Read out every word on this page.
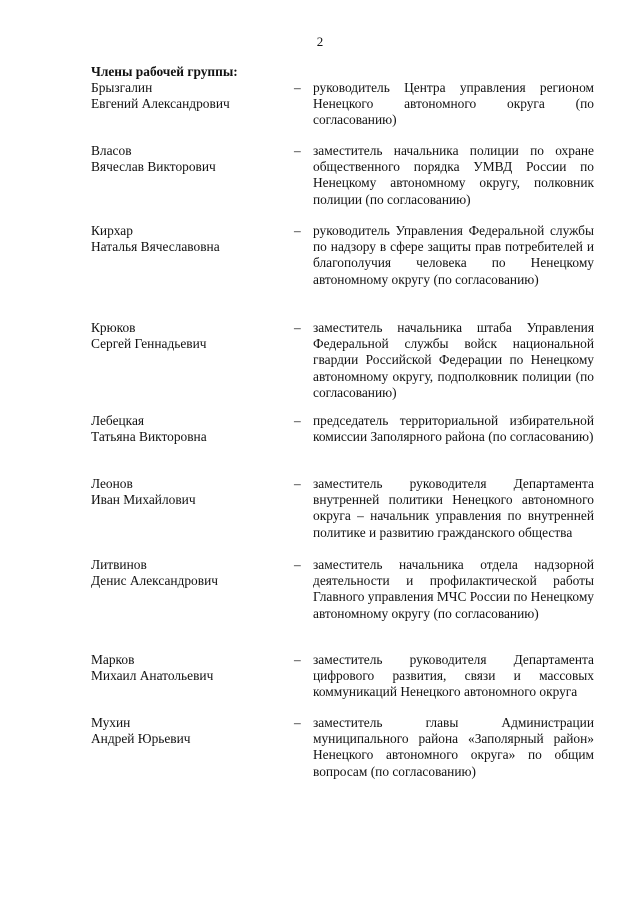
2
Члены рабочей группы:
Брызгалин
Евгений Александрович
– руководитель Центра управления регионом Ненецкого автономного округа (по согласованию)
Власов
Вячеслав Викторович
– заместитель начальника полиции по охране общественного порядка УМВД России по Ненецкому автономному округу, полковник полиции (по согласованию)
Кирхар
Наталья Вячеславовна
– руководитель Управления Федеральной службы по надзору в сфере защиты прав потребителей и благополучия человека по Ненецкому автономному округу (по согласованию)
Крюков
Сергей Геннадьевич
– заместитель начальника штаба Управления Федеральной службы войск национальной гвардии Российской Федерации по Ненецкому автономному округу, подполковник полиции (по согласованию)
Лебецкая
Татьяна Викторовна
– председатель территориальной избирательной комиссии Заполярного района (по согласованию)
Леонов
Иван Михайлович
– заместитель руководителя Департамента внутренней политики Ненецкого автономного округа – начальник управления по внутренней политике и развитию гражданского общества
Литвинов
Денис Александрович
– заместитель начальника отдела надзорной деятельности и профилактической работы Главного управления МЧС России по Ненецкому автономному округу (по согласованию)
Марков
Михаил Анатольевич
– заместитель руководителя Департамента цифрового развития, связи и массовых коммуникаций Ненецкого автономного округа
Мухин
Андрей Юрьевич
– заместитель главы Администрации муниципального района «Заполярный район» Ненецкого автономного округа» по общим вопросам (по согласованию)
